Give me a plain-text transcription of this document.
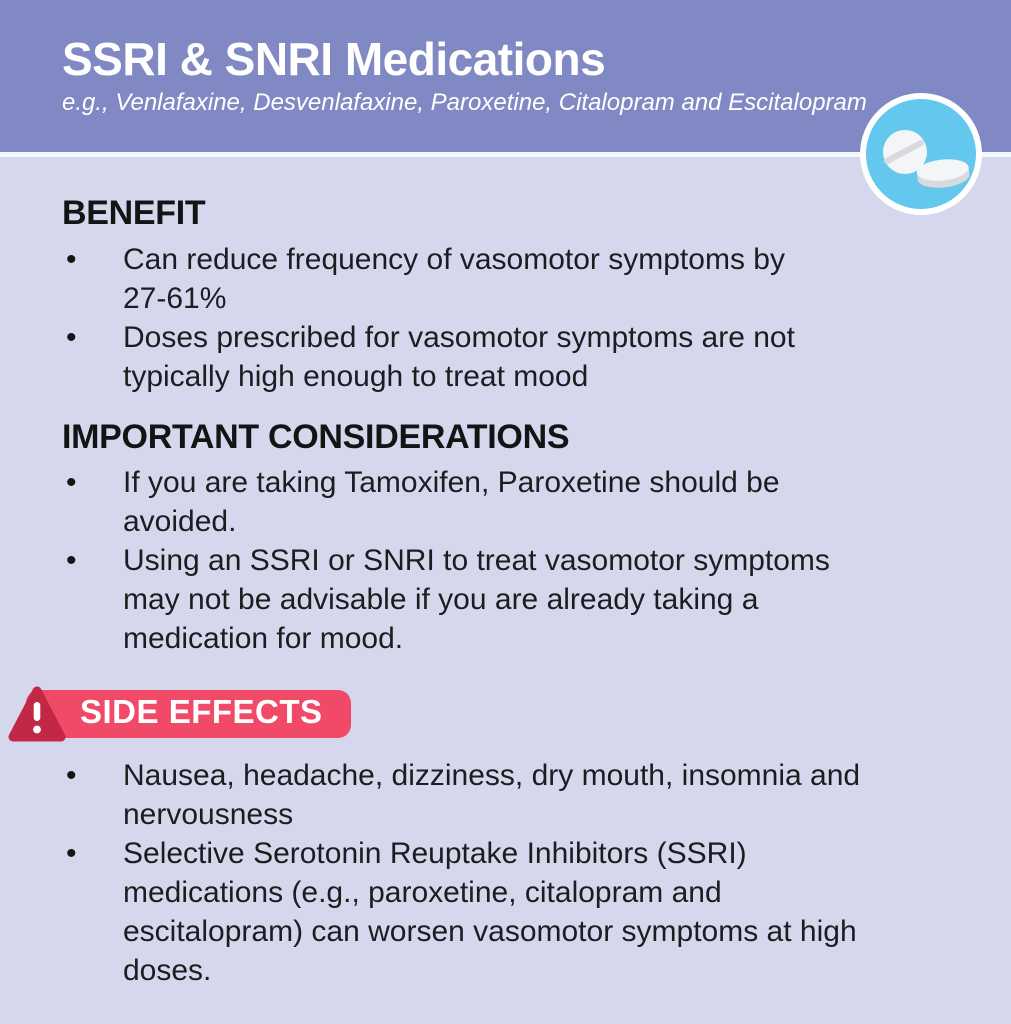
SSRI & SNRI Medications

e.g., Venlafaxine, Desvenlafaxine, Paroxetine, Citalopram and Escitalopram

BENEFIT
•	Can reduce frequency of vasomotor symptoms by
27-61%
•	Doses prescribed for vasomotor symptoms are not
typically high enough to treat mood
IMPORTANT CONSIDERATIONS
•	If you are taking Tamoxifen, Paroxetine should be
avoided.
•	Using an SSRI or SNRI to treat vasomotor symptoms
may not be advisable if you are already taking a
medication for mood.
SIDE EFFECTS
•	Nausea, headache, dizziness, dry mouth, insomnia and
nervousness
•	Selective Serotonin Reuptake Inhibitors (SSRI)
medications (e.g., paroxetine, citalopram and
escitalopram) can worsen vasomotor symptoms at high
doses.
